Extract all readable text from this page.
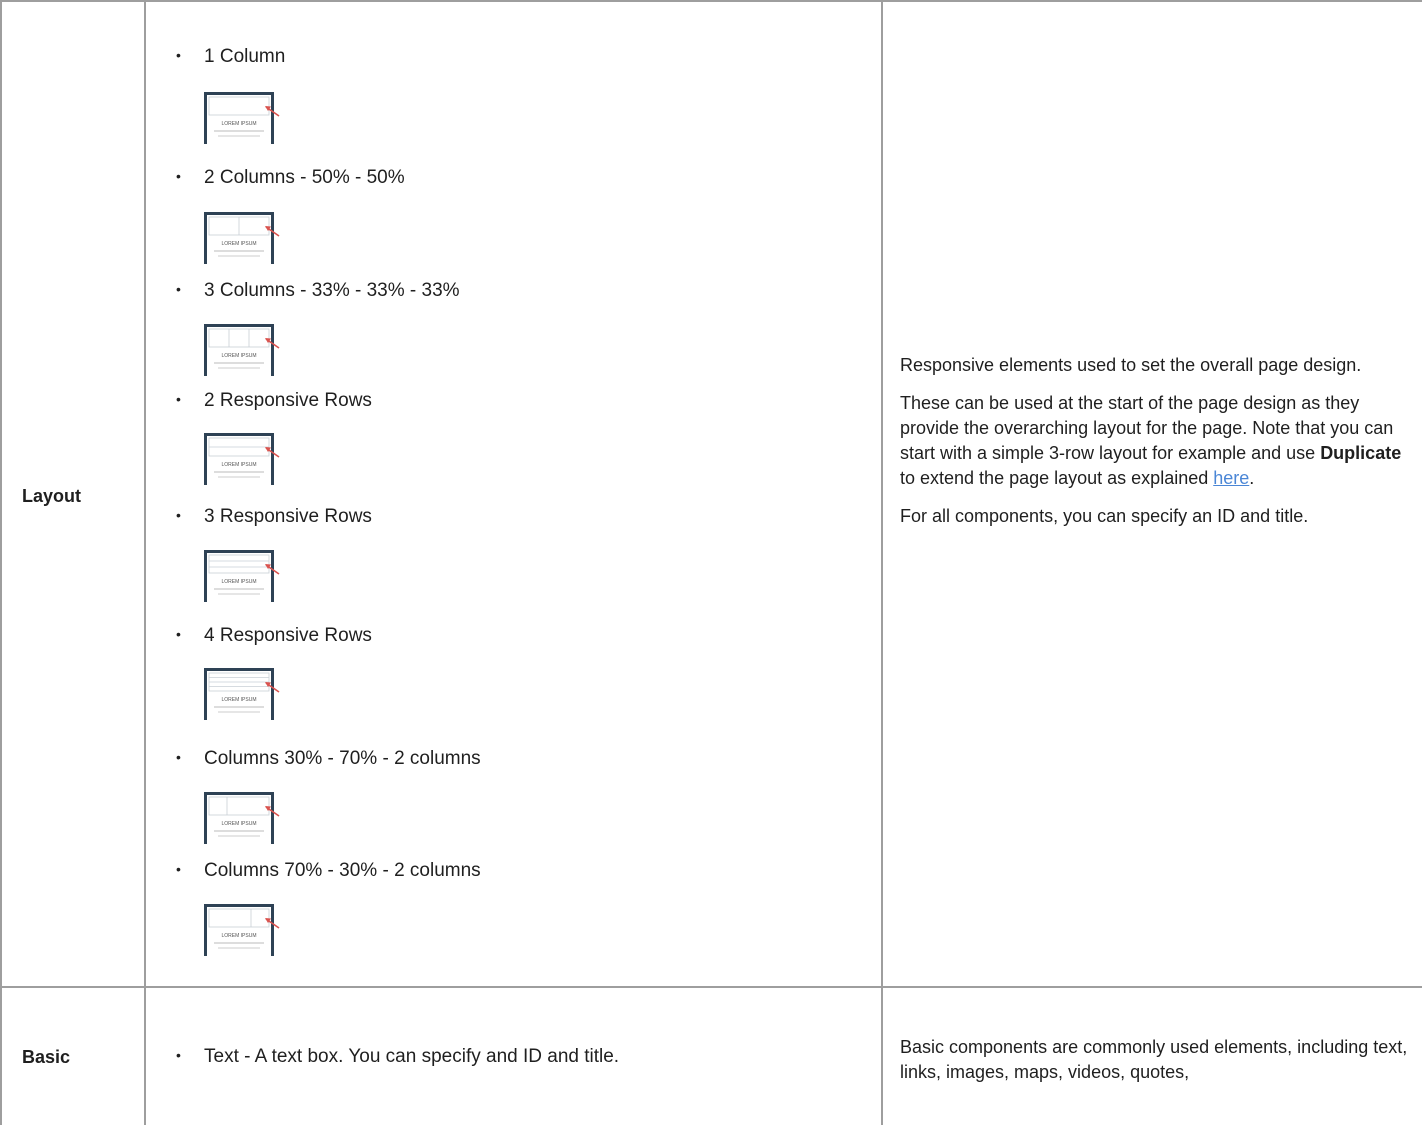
Layout
• 1 Column
LOREM IPSUM
• 2 Columns - 50% - 50%
LOREM IPSUM
• 3 Columns - 33% - 33% - 33%
LOREM IPSUM
• 2 Responsive Rows
LOREM IPSUM
• 3 Responsive Rows
LOREM IPSUM
• 4 Responsive Rows
LOREM IPSUM
• Columns 30% - 70% - 2 columns
LOREM IPSUM
• Columns 70% - 30% - 2 columns
LOREM IPSUM

Responsive elements used to set the overall page design.

These can be used at the start of the page design as they provide the overarching layout for the page. Note that you can start with a simple 3-row layout for example and use Duplicate to extend the page layout as explained here.

For all components, you can specify an ID and title.

Basic	• Text - A text box. You can specify and ID and title.	Basic components are commonly used elements, including text, links, images, maps, videos, quotes,
